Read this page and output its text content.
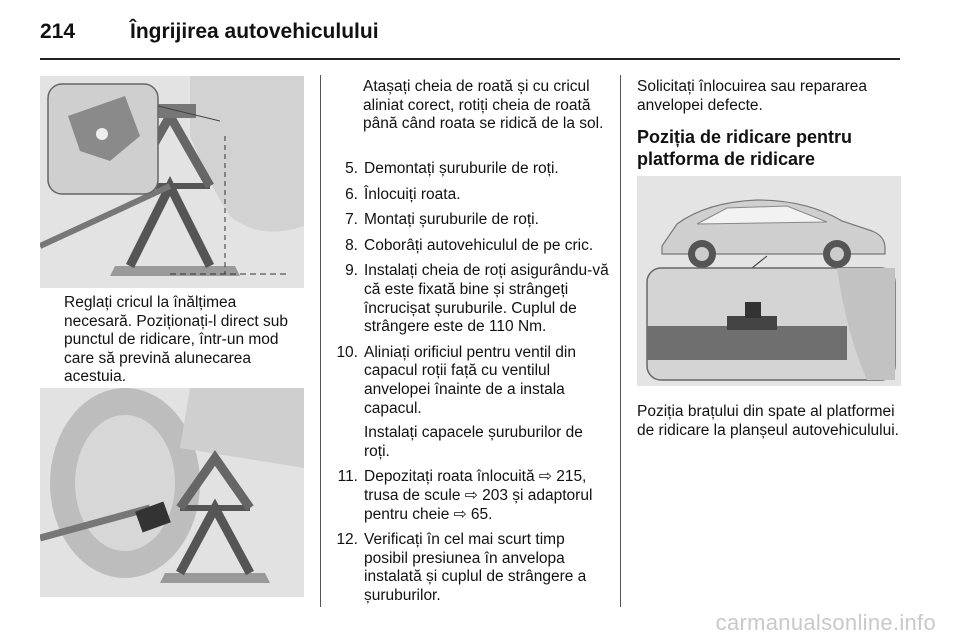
214	Îngrijirea autovehiculului
Reglați cricul la înălțimea necesară. Poziționați-l direct sub punctul de ridicare, într-un mod care să prevină alunecarea acestuia.
Atașați cheia de roată și cu cricul aliniat corect, rotiți cheia de roată până când roata se ridică de la sol.
5. Demontați șuruburile de roți.
6. Înlocuiți roata.
7. Montați șuruburile de roți.
8. Coborâți autovehiculul de pe cric.
9. Instalați cheia de roți asigurându-vă că este fixată bine și strângeți încrucișat șuruburile. Cuplul de strângere este de 110 Nm.
10. Aliniați orificiul pentru ventil din capacul roții față cu ventilul anvelopei înainte de a instala capacul.
Instalați capacele șuruburilor de roți.
11. Depozitați roata înlocuită ⇨ 215, trusa de scule ⇨ 203 și adaptorul pentru cheie ⇨ 65.
12. Verificați în cel mai scurt timp posibil presiunea în anvelopa instalată și cuplul de strângere a șuruburilor.
Solicitați înlocuirea sau repararea anvelopei defecte.
Poziția de ridicare pentru
platforma de ridicare
Poziția brațului din spate al platformei de ridicare la planșeul autovehiculului.
carmanualsonline.info
